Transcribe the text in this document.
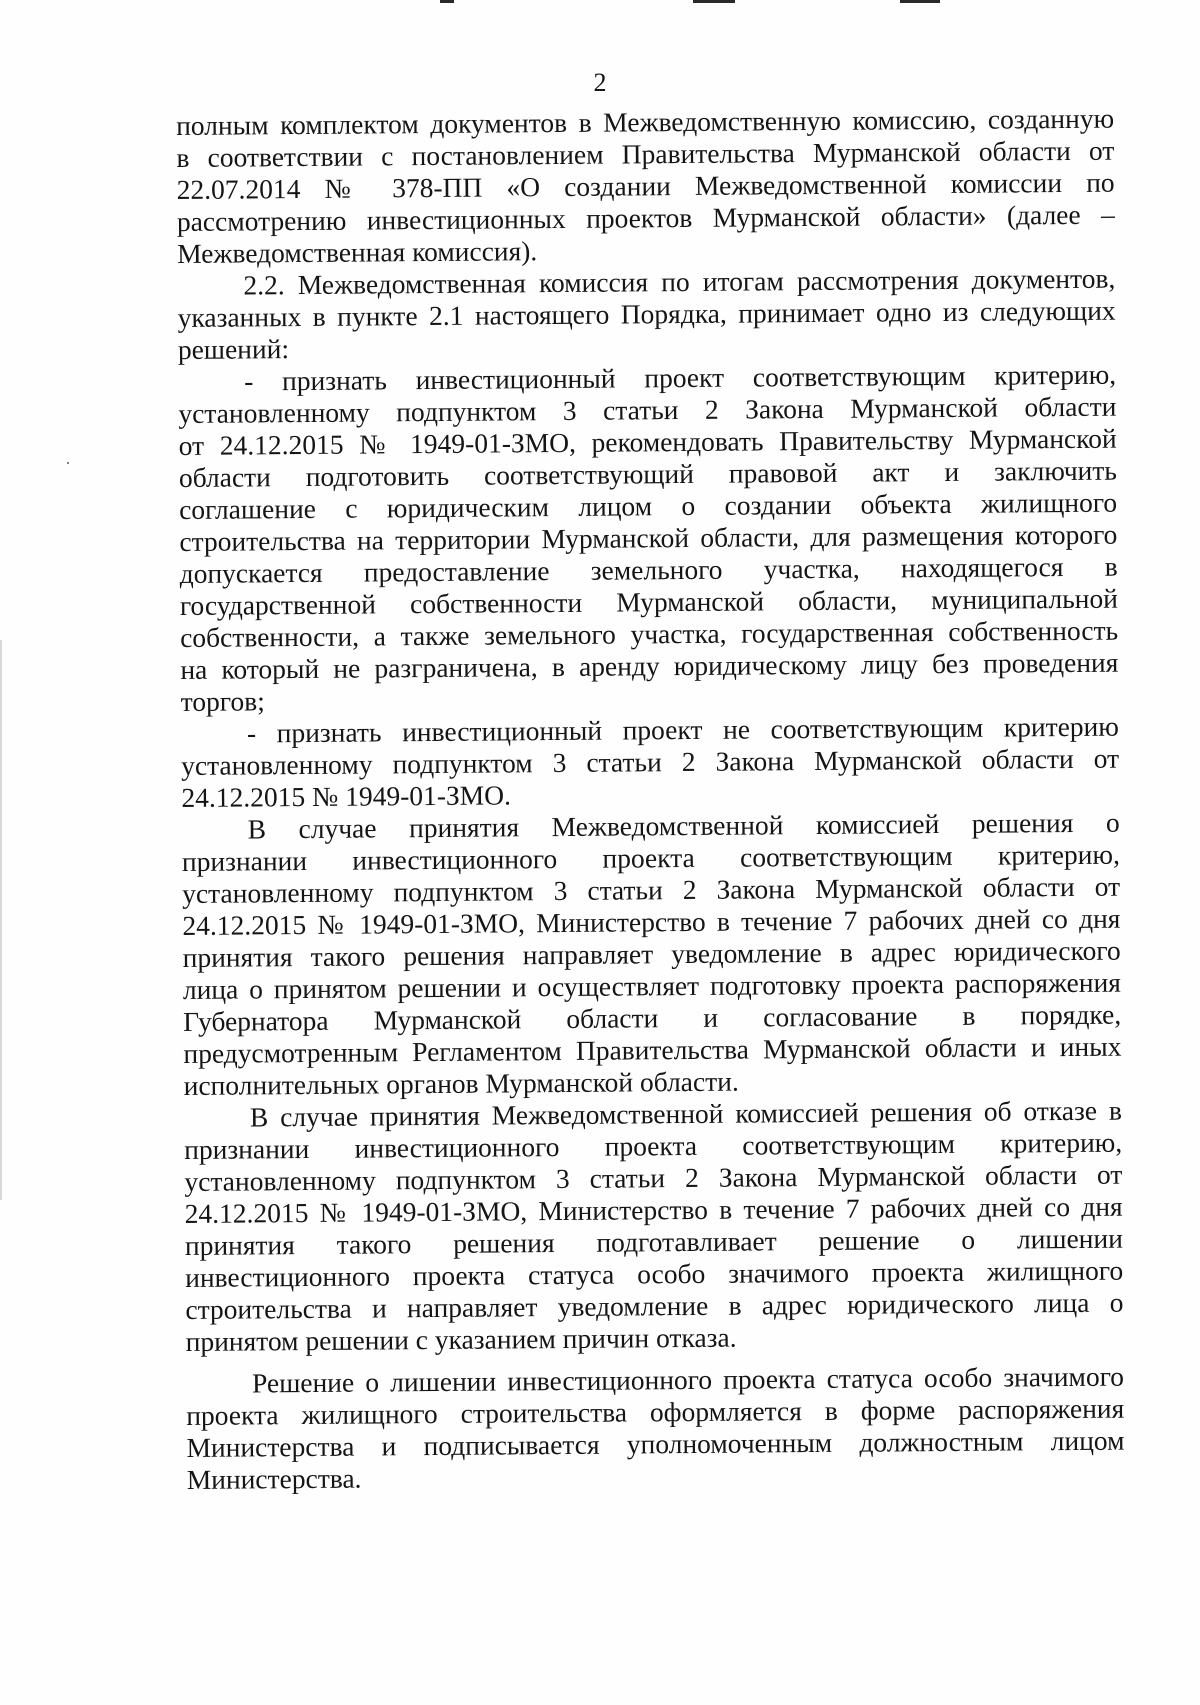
2
полным комплектом документов в Межведомственную комиссию, созданную
в соответствии с постановлением Правительства Мурманской области от
22.07.2014 № 378-ПП «О создании Межведомственной комиссии по
рассмотрению инвестиционных проектов Мурманской области» (далее –
Межведомственная комиссия).
2.2. Межведомственная комиссия по итогам рассмотрения документов,
указанных в пункте 2.1 настоящего Порядка, принимает одно из следующих
решений:
- признать инвестиционный проект соответствующим критерию,
установленному подпунктом 3 статьи 2 Закона Мурманской области
от 24.12.2015 № 1949-01-ЗМО, рекомендовать Правительству Мурманской
области подготовить соответствующий правовой акт и заключить
соглашение с юридическим лицом о создании объекта жилищного
строительства на территории Мурманской области, для размещения которого
допускается предоставление земельного участка, находящегося в
государственной собственности Мурманской области, муниципальной
собственности, а также земельного участка, государственная собственность
на который не разграничена, в аренду юридическому лицу без проведения
торгов;
- признать инвестиционный проект не соответствующим критерию
установленному подпунктом 3 статьи 2 Закона Мурманской области от
24.12.2015 № 1949-01-ЗМО.
В случае принятия Межведомственной комиссией решения о
признании инвестиционного проекта соответствующим критерию,
установленному подпунктом 3 статьи 2 Закона Мурманской области от
24.12.2015 № 1949-01-ЗМО, Министерство в течение 7 рабочих дней со дня
принятия такого решения направляет уведомление в адрес юридического
лица о принятом решении и осуществляет подготовку проекта распоряжения
Губернатора Мурманской области и согласование в порядке,
предусмотренным Регламентом Правительства Мурманской области и иных
исполнительных органов Мурманской области.
В случае принятия Межведомственной комиссией решения об отказе в
признании инвестиционного проекта соответствующим критерию,
установленному подпунктом 3 статьи 2 Закона Мурманской области от
24.12.2015 № 1949-01-ЗМО, Министерство в течение 7 рабочих дней со дня
принятия такого решения подготавливает решение о лишении
инвестиционного проекта статуса особо значимого проекта жилищного
строительства и направляет уведомление в адрес юридического лица о
принятом решении с указанием причин отказа.
Решение о лишении инвестиционного проекта статуса особо значимого
проекта жилищного строительства оформляется в форме распоряжения
Министерства и подписывается уполномоченным должностным лицом
Министерства.
